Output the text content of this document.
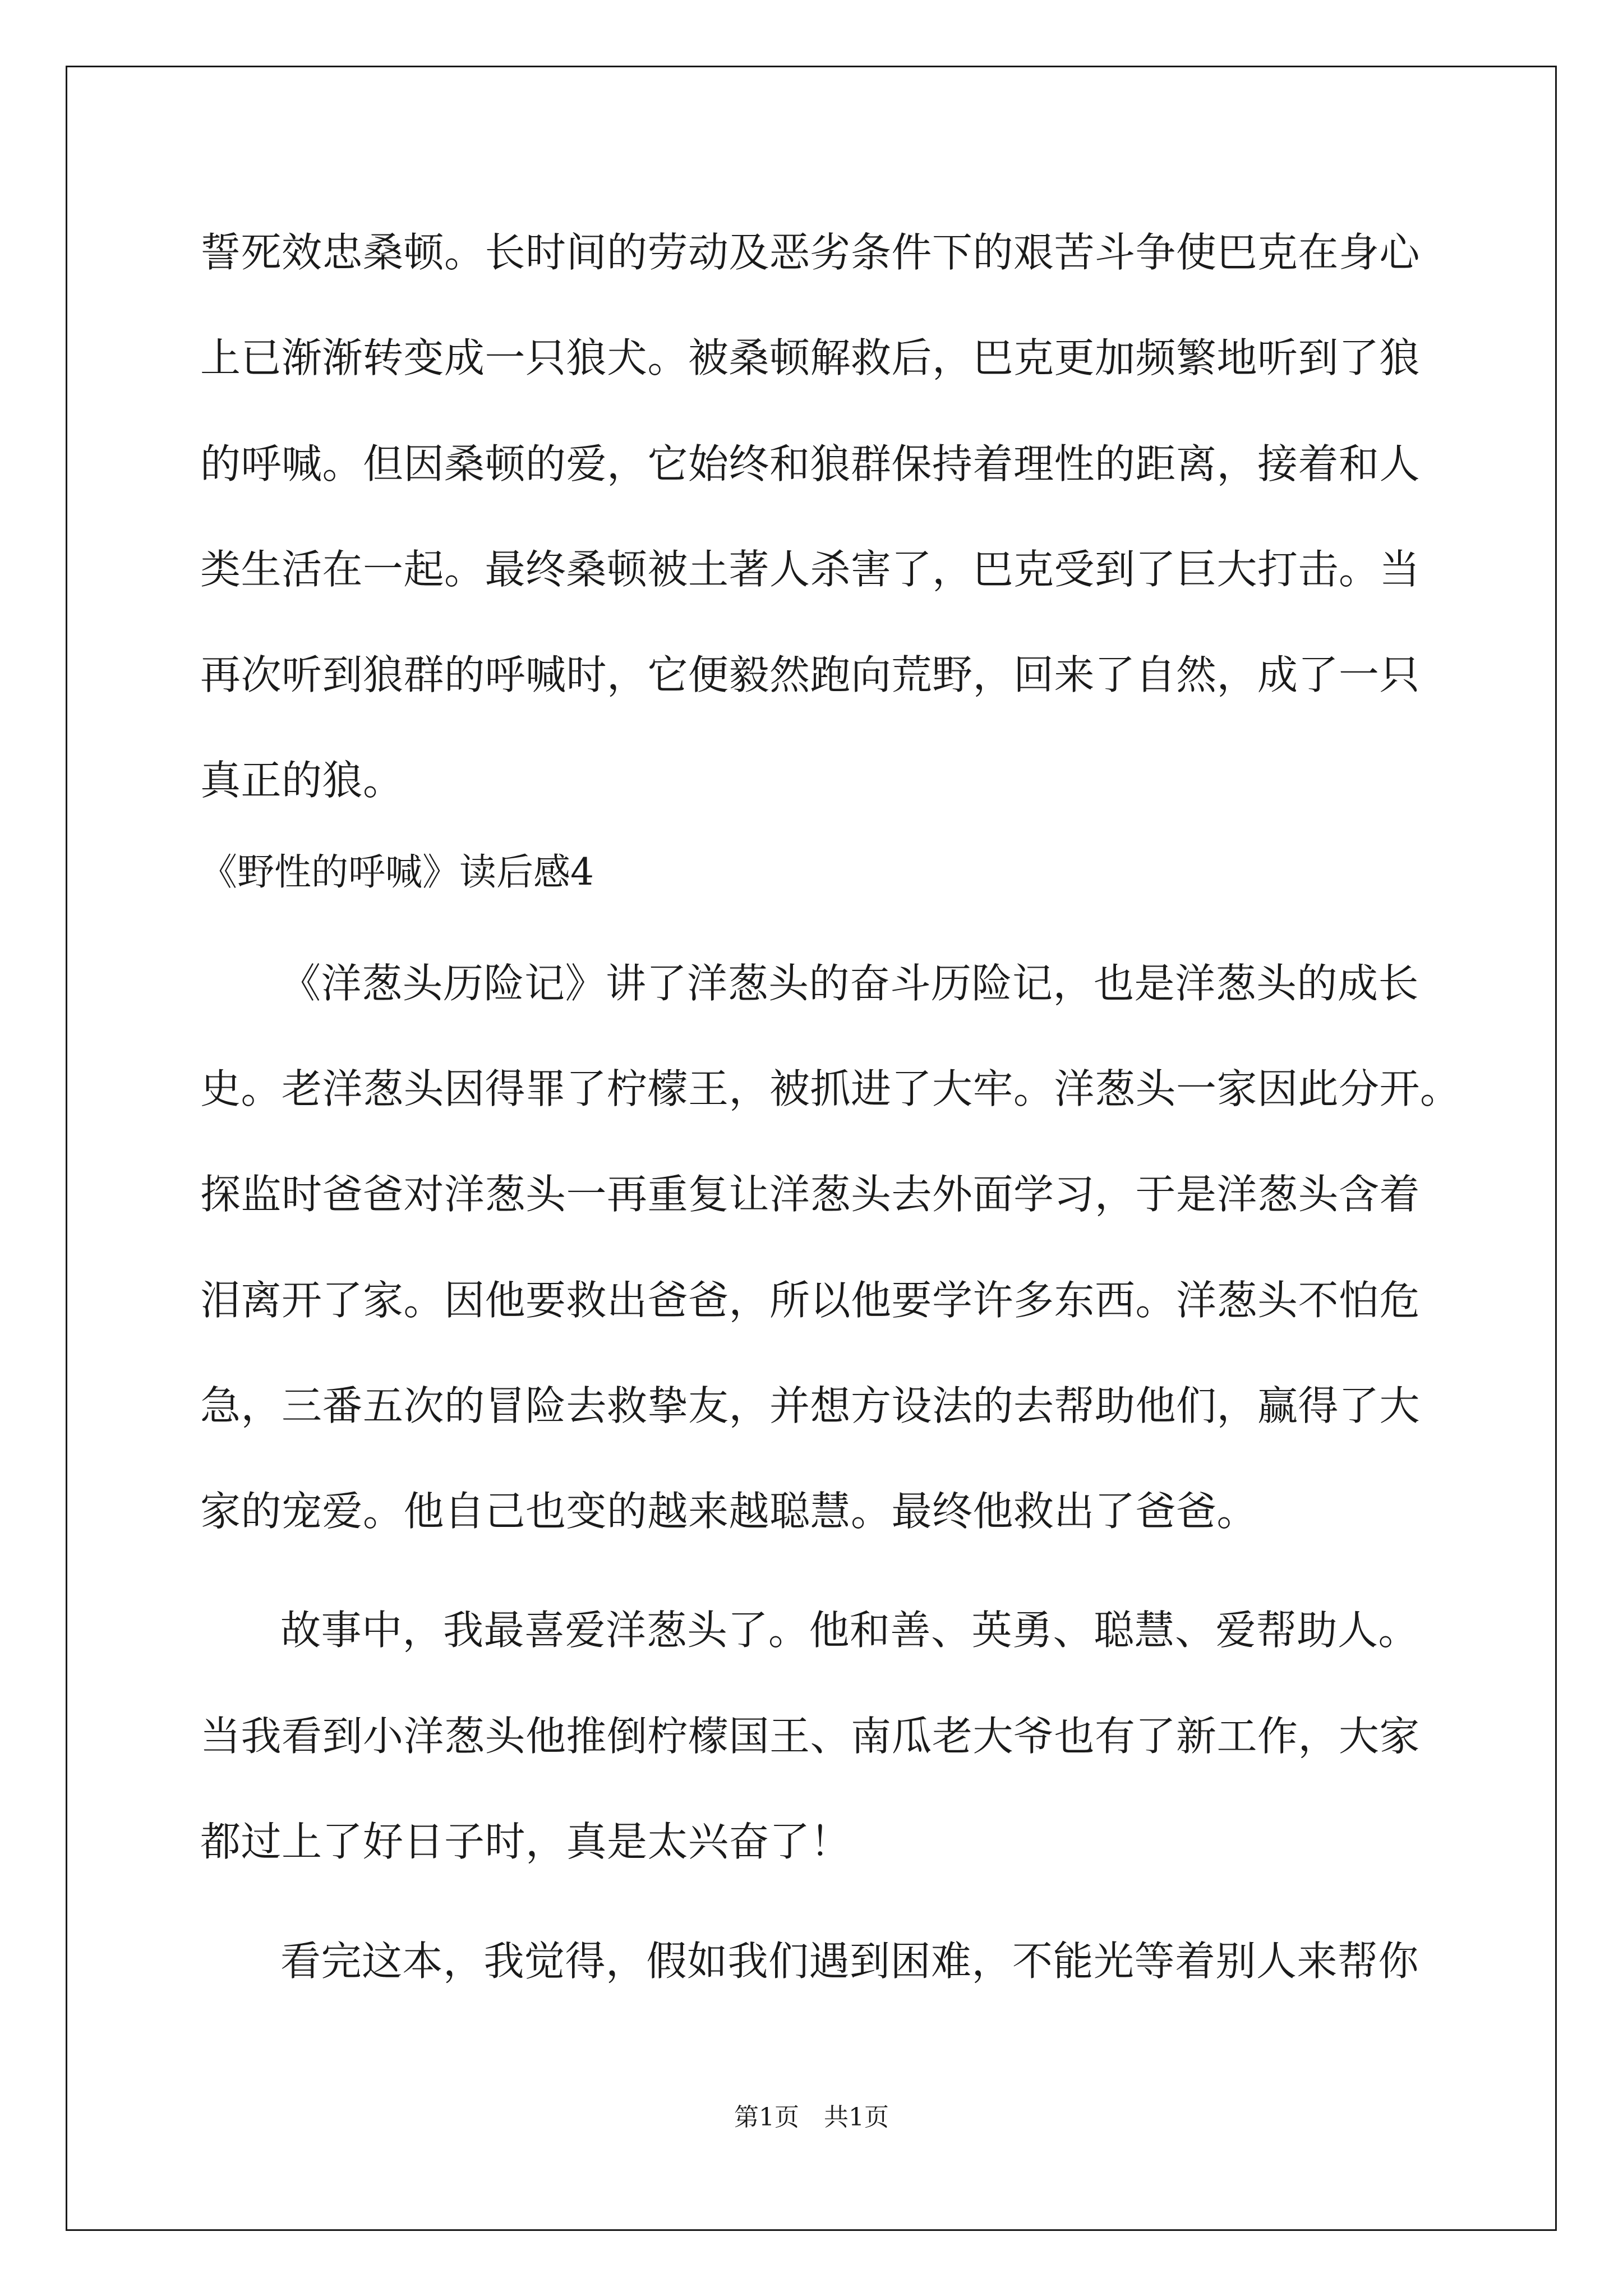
誓死效忠桑顿。长时间的劳动及恶劣条件下的艰苦斗争使巴克在身心
上已渐渐转变成一只狼犬。被桑顿解救后，巴克更加频繁地听到了狼
的呼喊。但因桑顿的爱，它始终和狼群保持着理性的距离，接着和人
类生活在一起。最终桑顿被土著人杀害了，巴克受到了巨大打击。当
再次听到狼群的呼喊时，它便毅然跑向荒野，回来了自然，成了一只
真正的狼。
《野性的呼喊》读后感4
《洋葱头历险记》讲了洋葱头的奋斗历险记，也是洋葱头的成长
史。老洋葱头因得罪了柠檬王，被抓进了大牢。洋葱头一家因此分开。
探监时爸爸对洋葱头一再重复让洋葱头去外面学习，于是洋葱头含着
泪离开了家。因他要救出爸爸，所以他要学许多东西。洋葱头不怕危
急，三番五次的冒险去救挚友，并想方设法的去帮助他们，赢得了大
家的宠爱。他自己也变的越来越聪慧。最终他救出了爸爸。
故事中，我最喜爱洋葱头了。他和善、英勇、聪慧、爱帮助人。
当我看到小洋葱头他推倒柠檬国王、南瓜老大爷也有了新工作，大家
都过上了好日子时，真是太兴奋了！
看完这本，我觉得，假如我们遇到困难，不能光等着别人来帮你
第1页　共1页
